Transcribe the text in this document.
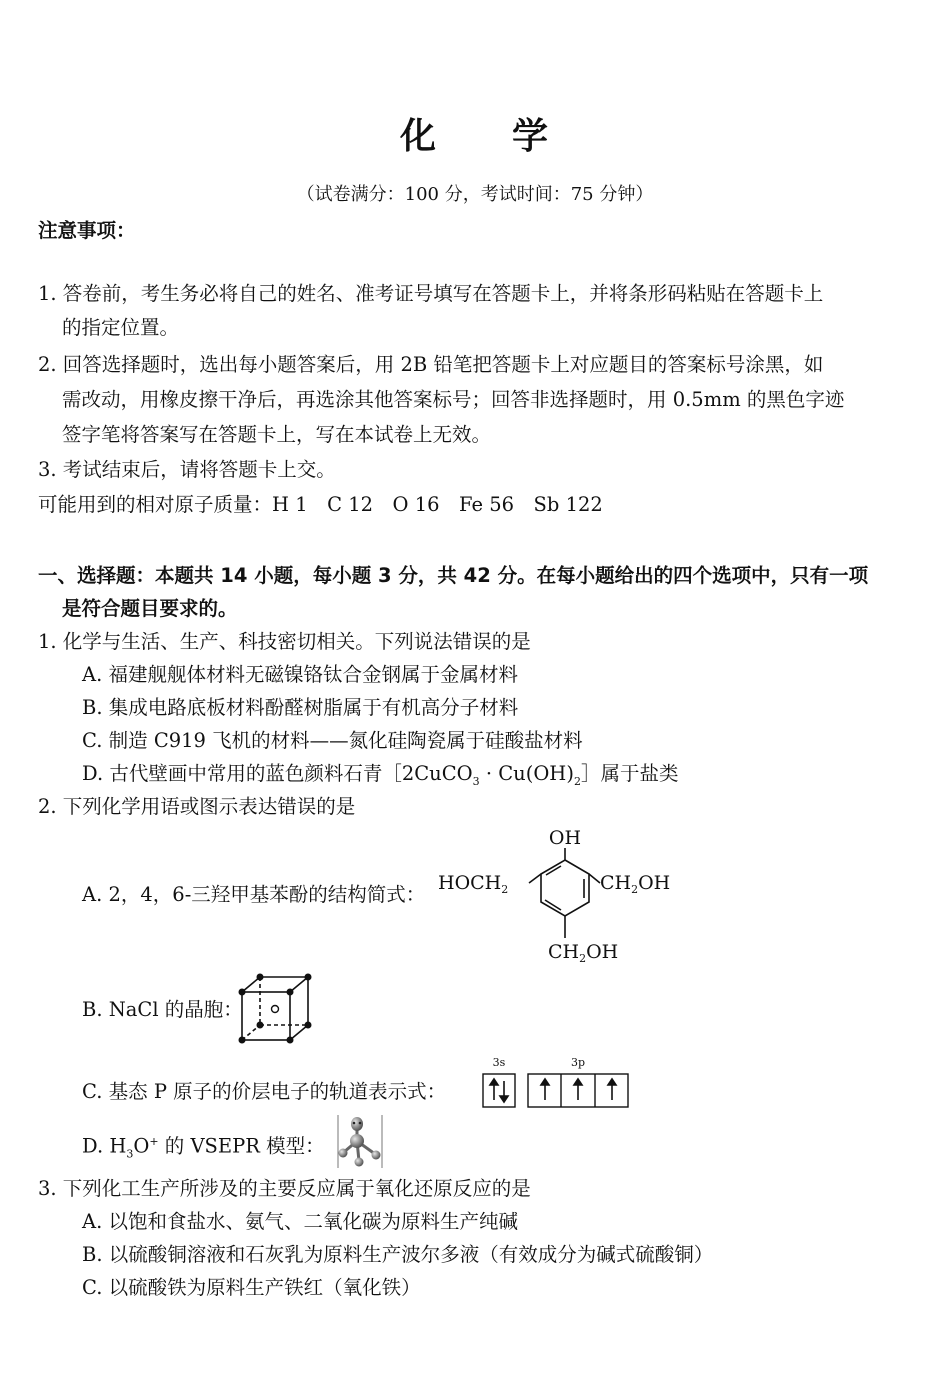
化 学
（试卷满分：100 分，考试时间：75 分钟）
注意事项：
1. 答卷前，考生务必将自己的姓名、准考证号填写在答题卡上，并将条形码粘贴在答题卡上
的指定位置。
2. 回答选择题时，选出每小题答案后，用 2B 铅笔把答题卡上对应题目的答案标号涂黑，如
需改动，用橡皮擦干净后，再选涂其他答案标号；回答非选择题时，用 0.5mm 的黑色字迹
签字笔将答案写在答题卡上，写在本试卷上无效。
3. 考试结束后，请将答题卡上交。
可能用到的相对原子质量：H 1　C 12　O 16　Fe 56　Sb 122
一、选择题：本题共 14 小题，每小题 3 分，共 42 分。在每小题给出的四个选项中，只有一项
是符合题目要求的。
1. 化学与生活、生产、科技密切相关。下列说法错误的是
A. 福建舰舰体材料无磁镍铬钛合金钢属于金属材料
B. 集成电路底板材料酚醛树脂属于有机高分子材料
C. 制造 C919 飞机的材料——氮化硅陶瓷属于硅酸盐材料
D. 古代壁画中常用的蓝色颜料石青［2CuCO$_3$ · $Cu(OH)_2]$属于盐类
2. 下列化学用语或图示表达错误的是
A. 2，4，6-三羟甲基苯酚的结构简式：
OH
$HOCH_2$	$CH_2OH$
$CH_2OH$
B. NaCl 的晶胞：
C. 基态 P 原子的价层电子的轨道表示式：
3s	3p
D. $H_3O^+$ 的 VSEPR 模型：
3. 下列化工生产所涉及的主要反应属于氧化还原反应的是
A. 以饱和食盐水、氨气、二氧化碳为原料生产纯碱
B. 以硫酸铜溶液和石灰乳为原料生产波尔多液（有效成分为碱式硫酸铜）
C. 以硫酸铁为原料生产铁红（氧化铁）
